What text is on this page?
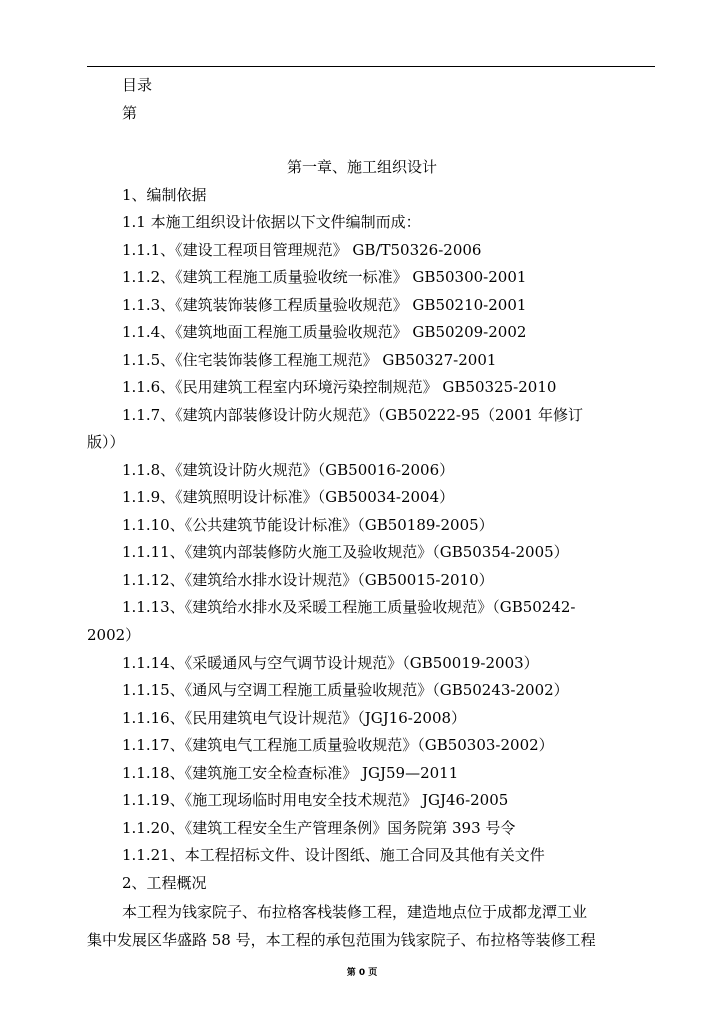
目录
第
第一章、施工组织设计
1、编制依据
1.1 本施工组织设计依据以下文件编制而成：
1.1.1、《建设工程项目管理规范》 GB/T50326-2006
1.1.2、《建筑工程施工质量验收统一标准》 GB50300-2001
1.1.3、《建筑装饰装修工程质量验收规范》 GB50210-2001
1.1.4、《建筑地面工程施工质量验收规范》 GB50209-2002
1.1.5、《住宅装饰装修工程施工规范》 GB50327-2001
1.1.6、《民用建筑工程室内环境污染控制规范》 GB50325-2010
1.1.7、《建筑内部装修设计防火规范》（GB50222-95（2001 年修订
版））
1.1.8、《建筑设计防火规范》（GB50016-2006）
1.1.9、《建筑照明设计标准》（GB50034-2004）
1.1.10、《公共建筑节能设计标准》（GB50189-2005）
1.1.11、《建筑内部装修防火施工及验收规范》（GB50354-2005）
1.1.12、《建筑给水排水设计规范》（GB50015-2010）
1.1.13、《建筑给水排水及采暖工程施工质量验收规范》（GB50242-
2002）
1.1.14、《采暖通风与空气调节设计规范》（GB50019-2003）
1.1.15、《通风与空调工程施工质量验收规范》（GB50243-2002）
1.1.16、《民用建筑电气设计规范》（JGJ16-2008）
1.1.17、《建筑电气工程施工质量验收规范》（GB50303-2002）
1.1.18、《建筑施工安全检查标准》 JGJ59—2011
1.1.19、《施工现场临时用电安全技术规范》 JGJ46-2005
1.1.20、《建筑工程安全生产管理条例》国务院第 393 号令
1.1.21、本工程招标文件、设计图纸、施工合同及其他有关文件
2、工程概况
本工程为钱家院子、布拉格客栈装修工程，建造地点位于成都龙潭工业
集中发展区华盛路 58 号，本工程的承包范围为钱家院子、布拉格等装修工程
第 0 页
